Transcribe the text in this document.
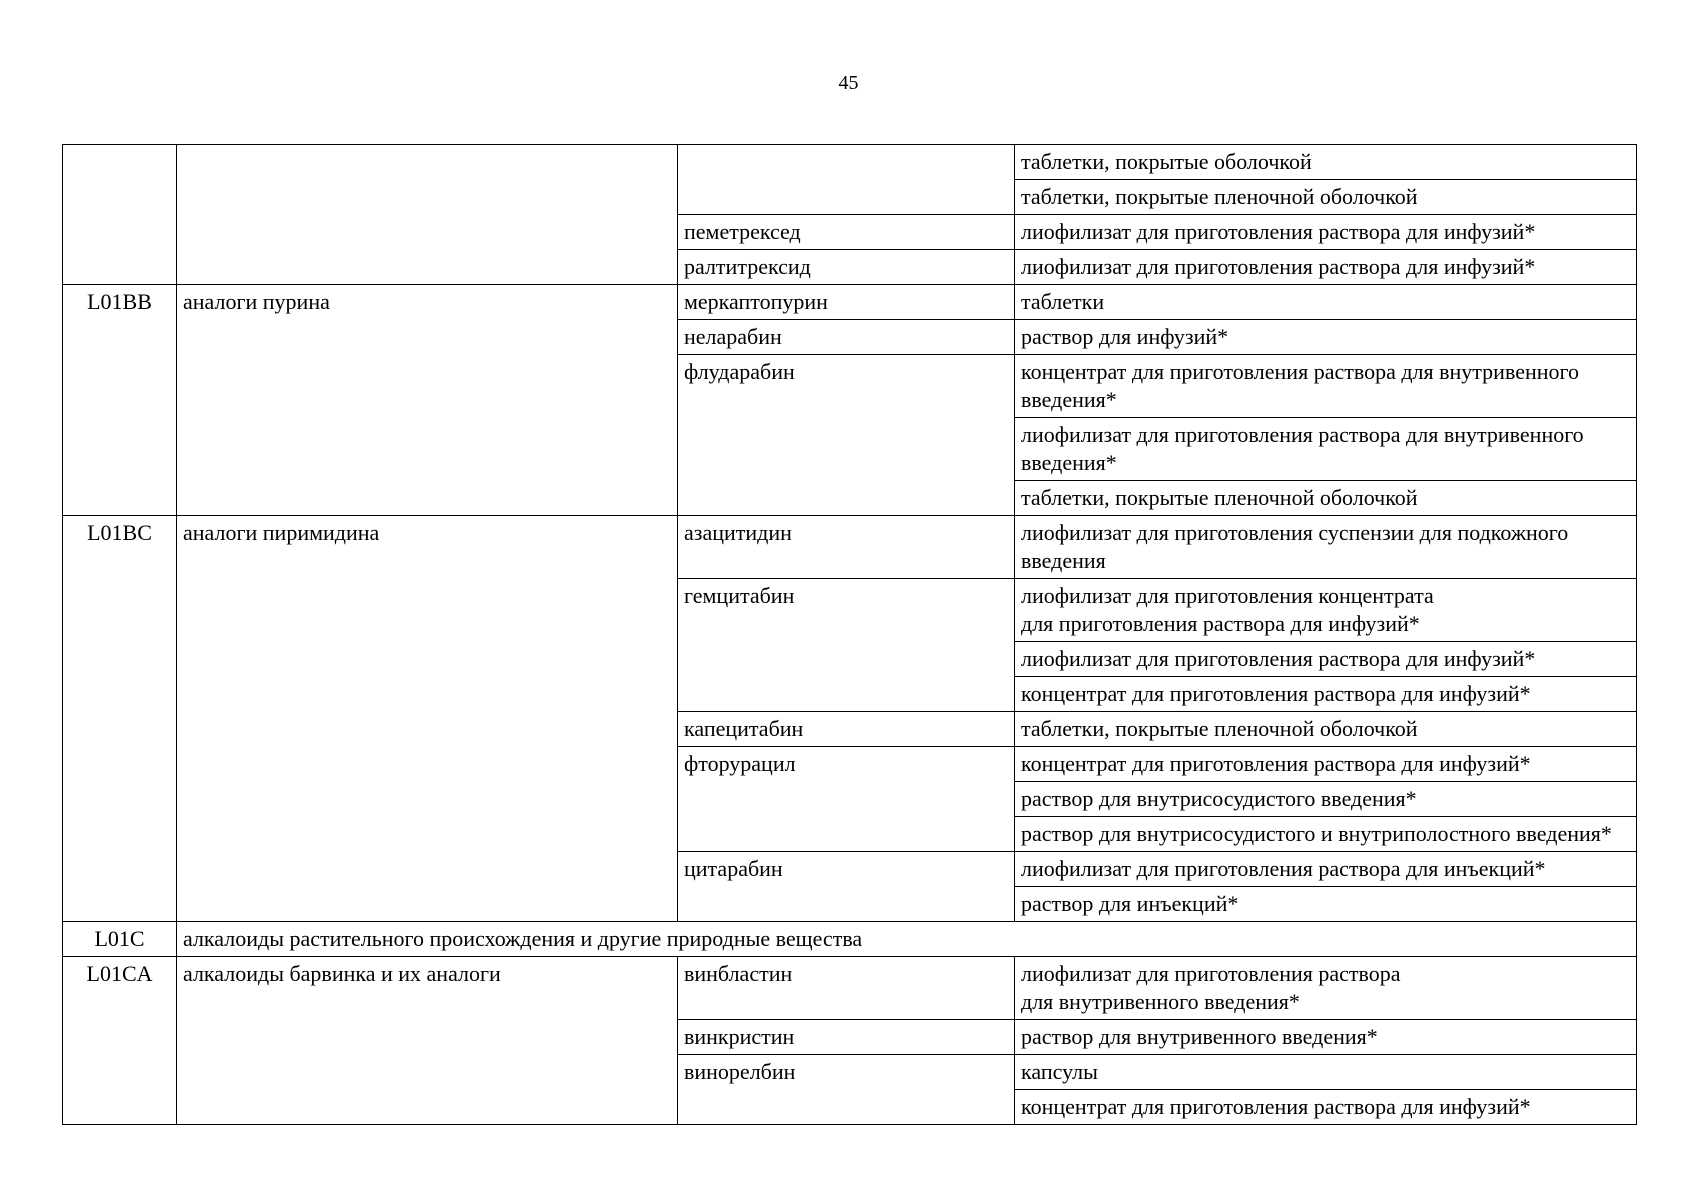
45
			таблетки, покрытые оболочкой
			таблетки, покрытые пленочной оболочкой
		пеметрексед	лиофилизат для приготовления раствора для инфузий*
		ралтитрексид	лиофилизат для приготовления раствора для инфузий*
L01BB	аналоги пурина	меркаптопурин	таблетки
		неларабин	раствор для инфузий*
		флударабин	концентрат для приготовления раствора для внутривенного введения*
			лиофилизат для приготовления раствора для внутривенного введения*
			таблетки, покрытые пленочной оболочкой
L01BC	аналоги пиримидина	азацитидин	лиофилизат для приготовления суспензии для подкожного введения
		гемцитабин	лиофилизат для приготовления концентрата
для приготовления раствора для инфузий*
			лиофилизат для приготовления раствора для инфузий*
			концентрат для приготовления раствора для инфузий*
		капецитабин	таблетки, покрытые пленочной оболочкой
		фторурацил	концентрат для приготовления раствора для инфузий*
			раствор для внутрисосудистого введения*
			раствор для внутрисосудистого и внутриполостного введения*
		цитарабин	лиофилизат для приготовления раствора для инъекций*
			раствор для инъекций*
L01C	алкалоиды растительного происхождения и другие природные вещества		
L01CA	алкалоиды барвинка и их аналоги	винбластин	лиофилизат для приготовления раствора
для внутривенного введения*
		винкристин	раствор для внутривенного введения*
		винорелбин	капсулы
			концентрат для приготовления раствора для инфузий*
